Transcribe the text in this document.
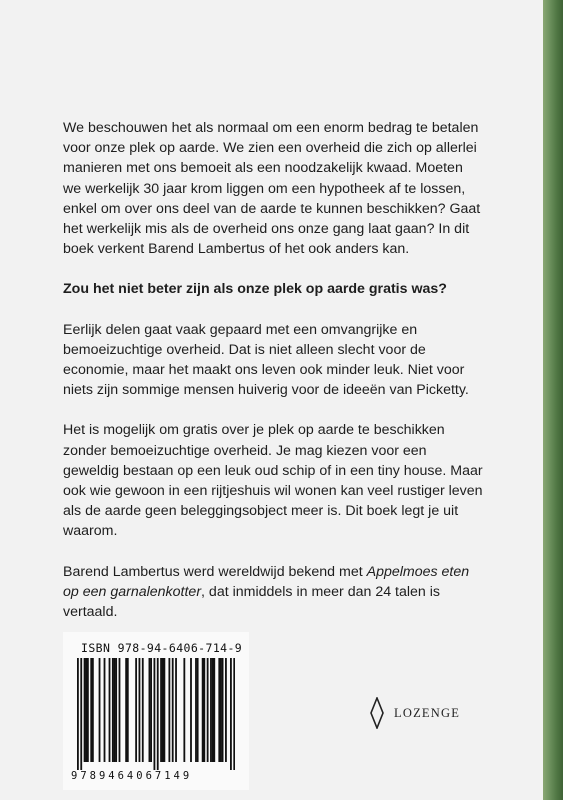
We beschouwen het als normaal om een enorm bedrag te betalen voor onze plek op aarde. We zien een overheid die zich op allerlei manieren met ons bemoeit als een noodzakelijk kwaad. Moeten we werkelijk 30 jaar krom liggen om een hypotheek af te lossen, enkel om over ons deel van de aarde te kunnen beschikken? Gaat het werkelijk mis als de overheid ons onze gang laat gaan? In dit boek verkent Barend Lambertus of het ook anders kan.

Zou het niet beter zijn als onze plek op aarde gratis was?

Eerlijk delen gaat vaak gepaard met een omvangrijke en bemoeizuchtige overheid. Dat is niet alleen slecht voor de economie, maar het maakt ons leven ook minder leuk. Niet voor niets zijn sommige mensen huiverig voor de ideeën van Picketty.

Het is mogelijk om gratis over je plek op aarde te beschikken zonder bemoeizuchtige overheid. Je mag kiezen voor een geweldig bestaan op een leuk oud schip of in een tiny house. Maar ook wie gewoon in een rijtjeshuis wil wonen kan veel rustiger leven als de aarde geen beleggingsobject meer is. Dit boek legt je uit waarom.

Barend Lambertus werd wereldwijd bekend met Appelmoes eten op een garnalenkotter, dat inmiddels in meer dan 24 talen is vertaald.

ISBN 978-94-6406-714-9
9789464067149
LOZENGE
